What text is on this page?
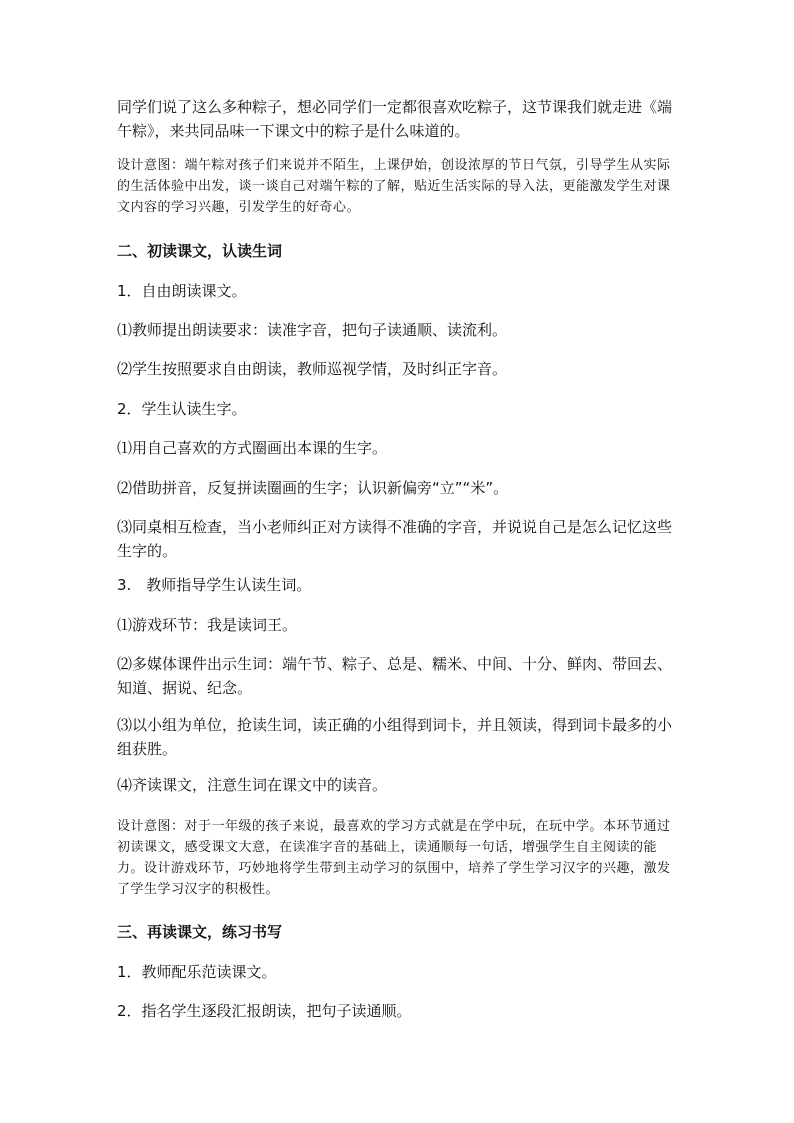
同学们说了这么多种粽子，想必同学们一定都很喜欢吃粽子，这节课我们就走进《端午粽》，来共同品味一下课文中的粽子是什么味道的。
设计意图：端午粽对孩子们来说并不陌生，上课伊始，创设浓厚的节日气氛，引导学生从实际的生活体验中出发，谈一谈自己对端午粽的了解，贴近生活实际的导入法，更能激发学生对课文内容的学习兴趣，引发学生的好奇心。
二、初读课文，认读生词
1．自由朗读课文。
⑴教师提出朗读要求：读准字音，把句子读通顺、读流利。
⑵学生按照要求自由朗读，教师巡视学情，及时纠正字音。
2．学生认读生字。
⑴用自己喜欢的方式圈画出本课的生字。
⑵借助拼音，反复拼读圈画的生字；认识新偏旁“立”“米”。
⑶同桌相互检查，当小老师纠正对方读得不准确的字音，并说说自己是怎么记忆这些生字的。
3.　教师指导学生认读生词。
⑴游戏环节：我是读词王。
⑵多媒体课件出示生词：端午节、粽子、总是、糯米、中间、十分、鲜肉、带回去、知道、据说、纪念。
⑶以小组为单位，抢读生词，读正确的小组得到词卡，并且领读，得到词卡最多的小组获胜。
⑷齐读课文，注意生词在课文中的读音。
设计意图：对于一年级的孩子来说，最喜欢的学习方式就是在学中玩，在玩中学。本环节通过初读课文，感受课文大意，在读准字音的基础上，读通顺每一句话，增强学生自主阅读的能力。设计游戏环节，巧妙地将学生带到主动学习的氛围中，培养了学生学习汉字的兴趣，激发了学生学习汉字的积极性。
三、再读课文，练习书写
1．教师配乐范读课文。
2．指名学生逐段汇报朗读，把句子读通顺。
